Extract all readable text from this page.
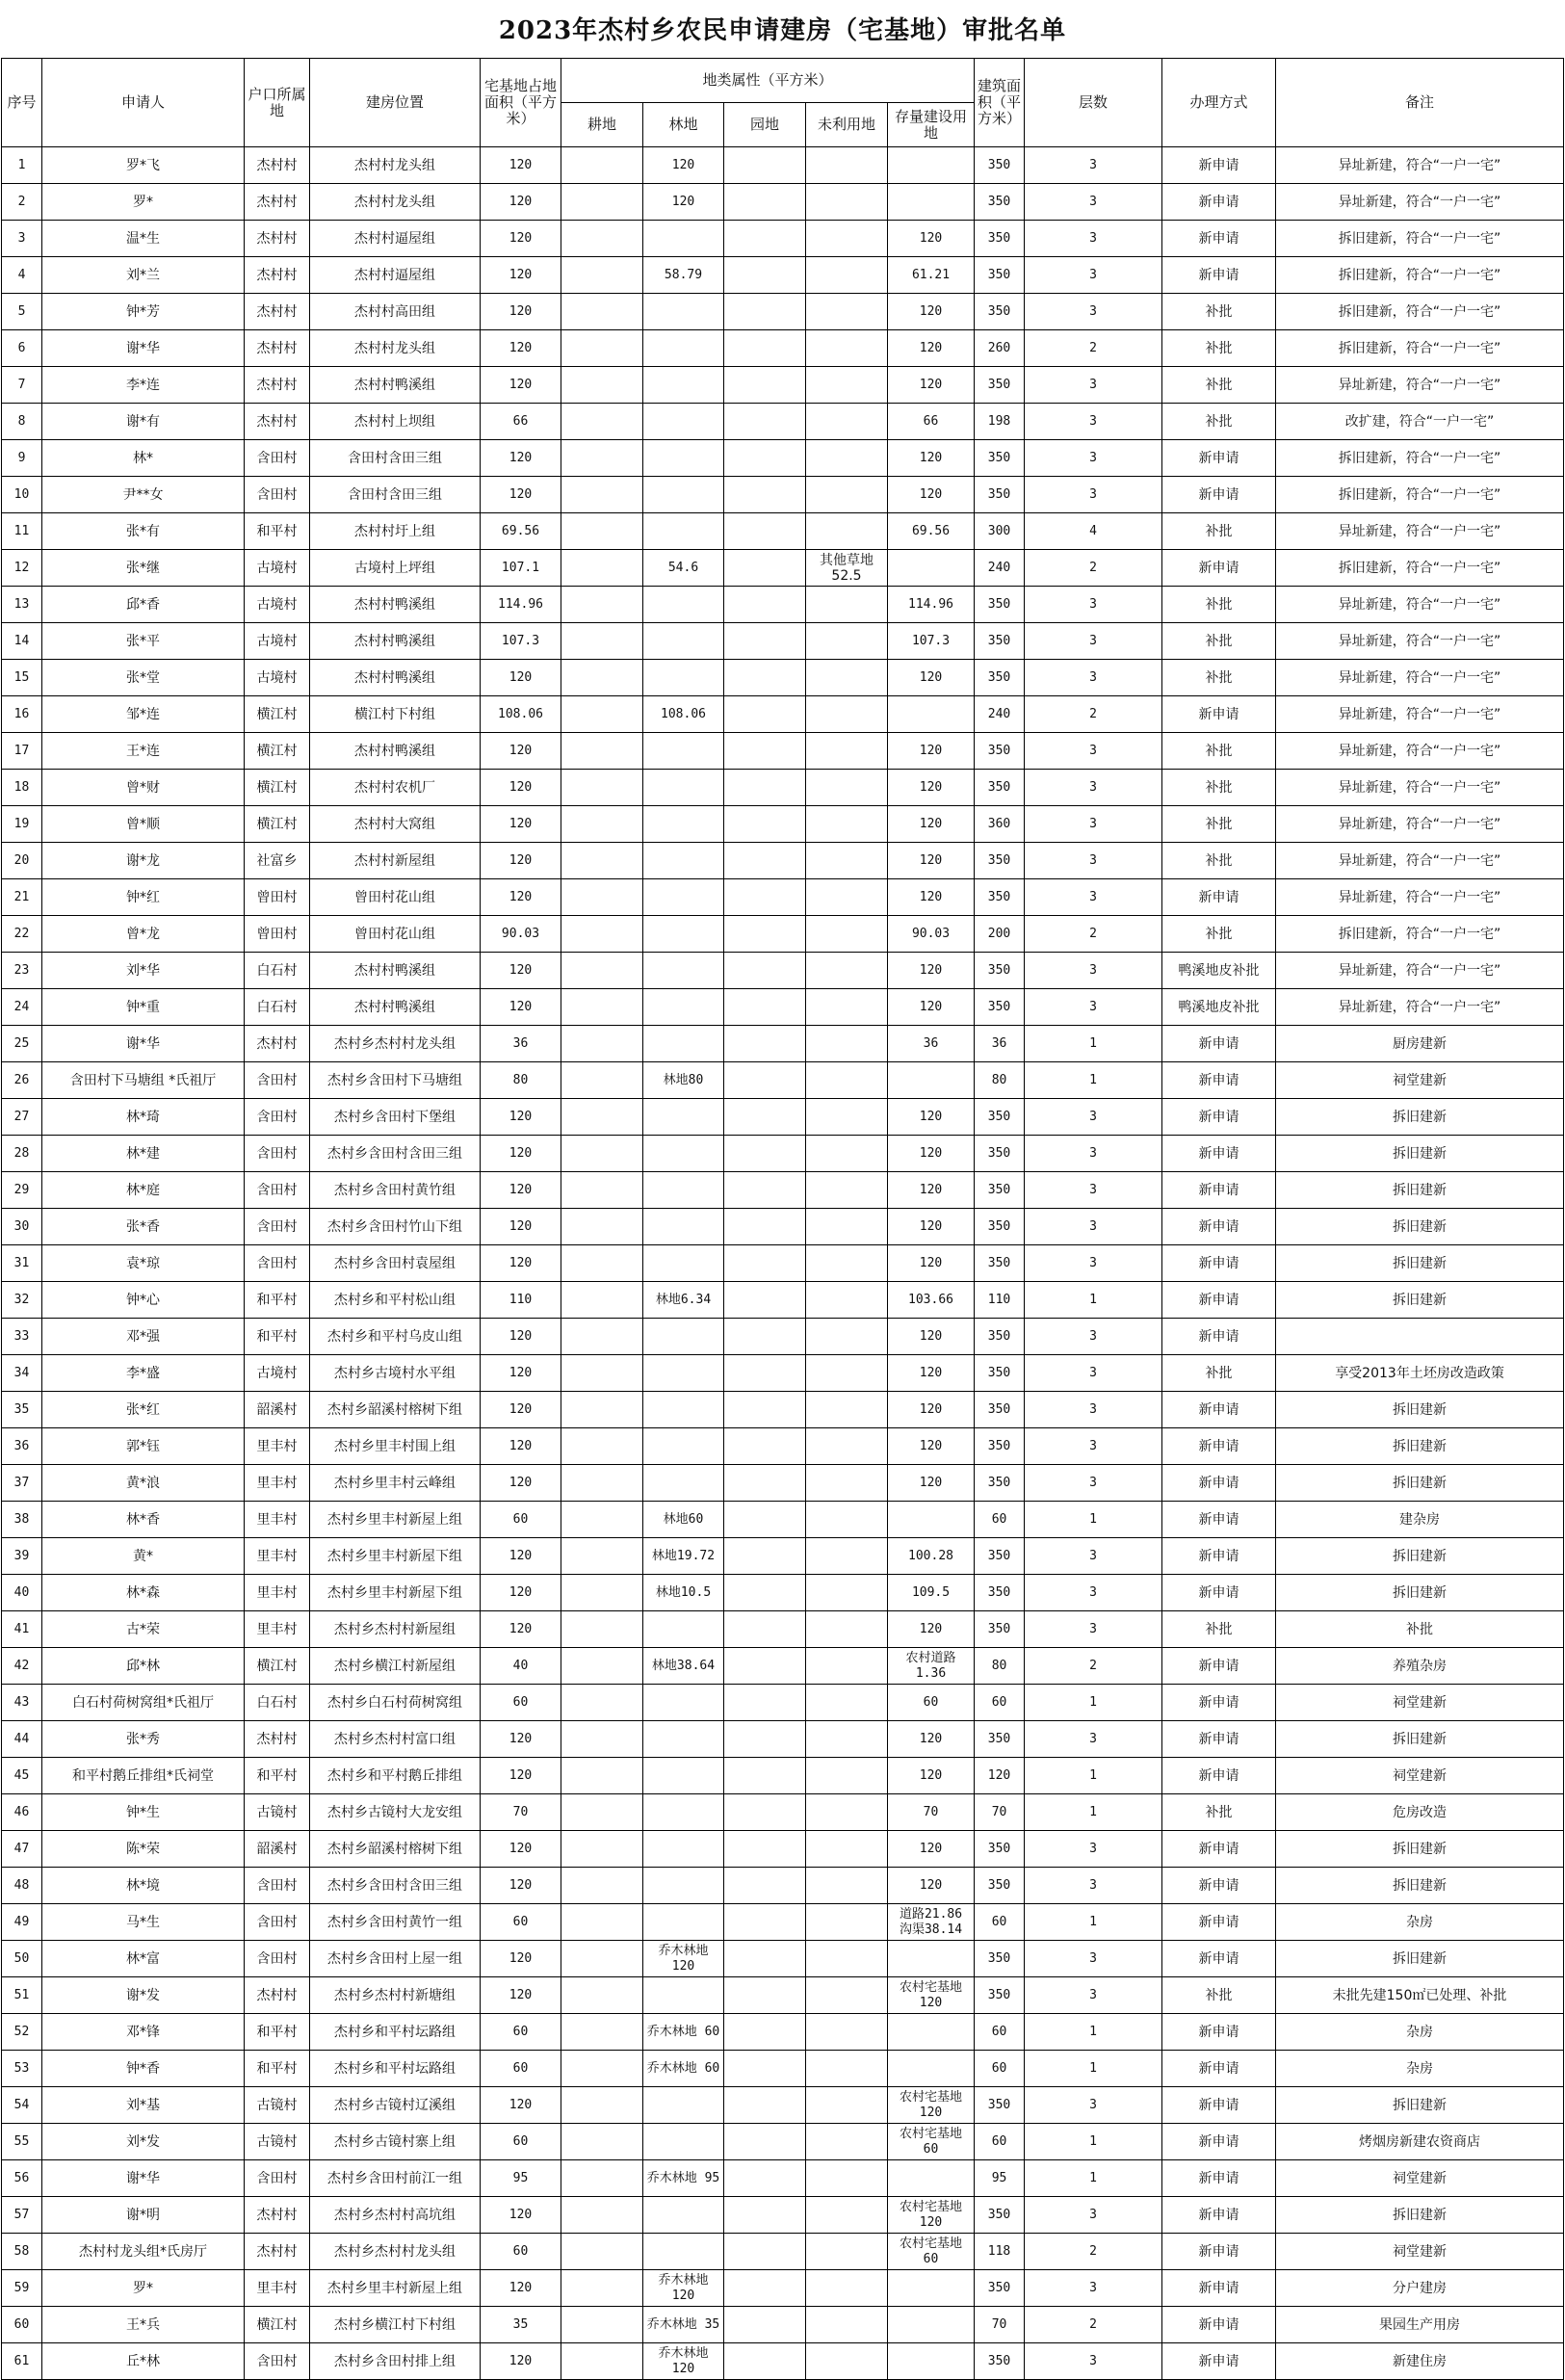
2023年杰村乡农民申请建房（宅基地）审批名单
序号	申请人	户口所属地	建房位置	宅基地占地面积（平方米）	地类属性（平方米）					建筑面积（平方米）	层数	办理方式	备注
					耕地	林地	园地	未利用地	存量建设用地				
1	罗*飞	杰村村	杰村村龙头组	120		120				350	3	新申请	异址新建，符合“一户一宅”
2	罗*	杰村村	杰村村龙头组	120		120				350	3	新申请	异址新建，符合“一户一宅”
3	温*生	杰村村	杰村村逼屋组	120					120	350	3	新申请	拆旧建新，符合“一户一宅”
4	刘*兰	杰村村	杰村村逼屋组	120		58.79			61.21	350	3	新申请	拆旧建新，符合“一户一宅”
5	钟*芳	杰村村	杰村村高田组	120					120	350	3	补批	拆旧建新，符合“一户一宅”
6	谢*华	杰村村	杰村村龙头组	120					120	260	2	补批	拆旧建新，符合“一户一宅”
7	李*连	杰村村	杰村村鸭溪组	120					120	350	3	补批	异址新建，符合“一户一宅”
8	谢*有	杰村村	杰村村上坝组	66					66	198	3	补批	改扩建，符合“一户一宅”
9	林*	含田村	含田村含田三组	120					120	350	3	新申请	拆旧建新，符合“一户一宅”
10	尹**女	含田村	含田村含田三组	120					120	350	3	新申请	拆旧建新，符合“一户一宅”
11	张*有	和平村	杰村村圩上组	69.56					69.56	300	4	补批	异址新建，符合“一户一宅”
12	张*继	古境村	古境村上坪组	107.1		54.6		其他草地 52.5		240	2	新申请	拆旧建新，符合“一户一宅”
13	邱*香	古境村	杰村村鸭溪组	114.96					114.96	350	3	补批	异址新建，符合“一户一宅”
14	张*平	古境村	杰村村鸭溪组	107.3					107.3	350	3	补批	异址新建，符合“一户一宅”
15	张*堂	古境村	杰村村鸭溪组	120					120	350	3	补批	异址新建，符合“一户一宅”
16	邹*连	横江村	横江村下村组	108.06		108.06				240	2	新申请	异址新建，符合“一户一宅”
17	王*连	横江村	杰村村鸭溪组	120					120	350	3	补批	异址新建，符合“一户一宅”
18	曾*财	横江村	杰村村农机厂	120					120	350	3	补批	异址新建，符合“一户一宅”
19	曾*顺	横江村	杰村村大窝组	120					120	360	3	补批	异址新建，符合“一户一宅”
20	谢*龙	社富乡	杰村村新屋组	120					120	350	3	补批	异址新建，符合“一户一宅”
21	钟*红	曾田村	曾田村花山组	120					120	350	3	新申请	异址新建，符合“一户一宅”
22	曾*龙	曾田村	曾田村花山组	90.03					90.03	200	2	补批	拆旧建新，符合“一户一宅”
23	刘*华	白石村	杰村村鸭溪组	120					120	350	3	鸭溪地皮补批	异址新建，符合“一户一宅”
24	钟*重	白石村	杰村村鸭溪组	120					120	350	3	鸭溪地皮补批	异址新建，符合“一户一宅”
25	谢*华	杰村村	杰村乡杰村村龙头组	36					36	36	1	新申请	厨房建新
26	含田村下马塘组 *氏祖厅	含田村	杰村乡含田村下马塘组	80		林地80				80	1	新申请	祠堂建新
27	林*琦	含田村	杰村乡含田村下堡组	120					120	350	3	新申请	拆旧建新
28	林*建	含田村	杰村乡含田村含田三组	120					120	350	3	新申请	拆旧建新
29	林*庭	含田村	杰村乡含田村黄竹组	120					120	350	3	新申请	拆旧建新
30	张*香	含田村	杰村乡含田村竹山下组	120					120	350	3	新申请	拆旧建新
31	袁*琼	含田村	杰村乡含田村袁屋组	120					120	350	3	新申请	拆旧建新
32	钟*心	和平村	杰村乡和平村松山组	110		林地6.34			103.66	110	1	新申请	拆旧建新
33	邓*强	和平村	杰村乡和平村乌皮山组	120					120	350	3	新申请	
34	李*盛	古境村	杰村乡古境村水平组	120					120	350	3	补批	享受2013年土坯房改造政策
35	张*红	韶溪村	杰村乡韶溪村榕树下组	120					120	350	3	新申请	拆旧建新
36	郭*钰	里丰村	杰村乡里丰村围上组	120					120	350	3	新申请	拆旧建新
37	黄*浪	里丰村	杰村乡里丰村云峰组	120					120	350	3	新申请	拆旧建新
38	林*香	里丰村	杰村乡里丰村新屋上组	60		林地60				60	1	新申请	建杂房
39	黄*	里丰村	杰村乡里丰村新屋下组	120		林地19.72			100.28	350	3	新申请	拆旧建新
40	林*森	里丰村	杰村乡里丰村新屋下组	120		林地10.5			109.5	350	3	新申请	拆旧建新
41	古*荣	里丰村	杰村乡杰村村新屋组	120					120	350	3	补批	补批
42	邱*林	横江村	杰村乡横江村新屋组	40		林地38.64			农村道路 1.36	80	2	新申请	养殖杂房
43	白石村荷树窝组*氏祖厅	白石村	杰村乡白石村荷树窝组	60					60	60	1	新申请	祠堂建新
44	张*秀	杰村村	杰村乡杰村村富口组	120					120	350	3	新申请	拆旧建新
45	和平村鹅丘排组*氏祠堂	和平村	杰村乡和平村鹅丘排组	120					120	120	1	新申请	祠堂建新
46	钟*生	古镜村	杰村乡古镜村大龙安组	70					70	70	1	补批	危房改造
47	陈*荣	韶溪村	杰村乡韶溪村榕树下组	120					120	350	3	新申请	拆旧建新
48	林*境	含田村	杰村乡含田村含田三组	120					120	350	3	新申请	拆旧建新
49	马*生	含田村	杰村乡含田村黄竹一组	60					道路21.86 沟渠38.14	60	1	新申请	杂房
50	林*富	含田村	杰村乡含田村上屋一组	120		乔木林地 120				350	3	新申请	拆旧建新
51	谢*发	杰村村	杰村乡杰村村新塘组	120					农村宅基地 120	350	3	补批	未批先建150㎡已处理、补批
52	邓*锋	和平村	杰村乡和平村坛路组	60		乔木林地 60				60	1	新申请	杂房
53	钟*香	和平村	杰村乡和平村坛路组	60		乔木林地 60				60	1	新申请	杂房
54	刘*基	古镜村	杰村乡古镜村辽溪组	120					农村宅基地 120	350	3	新申请	拆旧建新
55	刘*发	古镜村	杰村乡古镜村寨上组	60					农村宅基地 60	60	1	新申请	烤烟房新建农资商店
56	谢*华	含田村	杰村乡含田村前江一组	95		乔木林地 95				95	1	新申请	祠堂建新
57	谢*明	杰村村	杰村乡杰村村高坑组	120					农村宅基地 120	350	3	新申请	拆旧建新
58	杰村村龙头组*氏房厅	杰村村	杰村乡杰村村龙头组	60					农村宅基地 60	118	2	新申请	祠堂建新
59	罗*	里丰村	杰村乡里丰村新屋上组	120		乔木林地 120				350	3	新申请	分户建房
60	王*兵	横江村	杰村乡横江村下村组	35		乔木林地 35				70	2	新申请	果园生产用房
61	丘*林	含田村	杰村乡含田村排上组	120		乔木林地 120				350	3	新申请	新建住房
